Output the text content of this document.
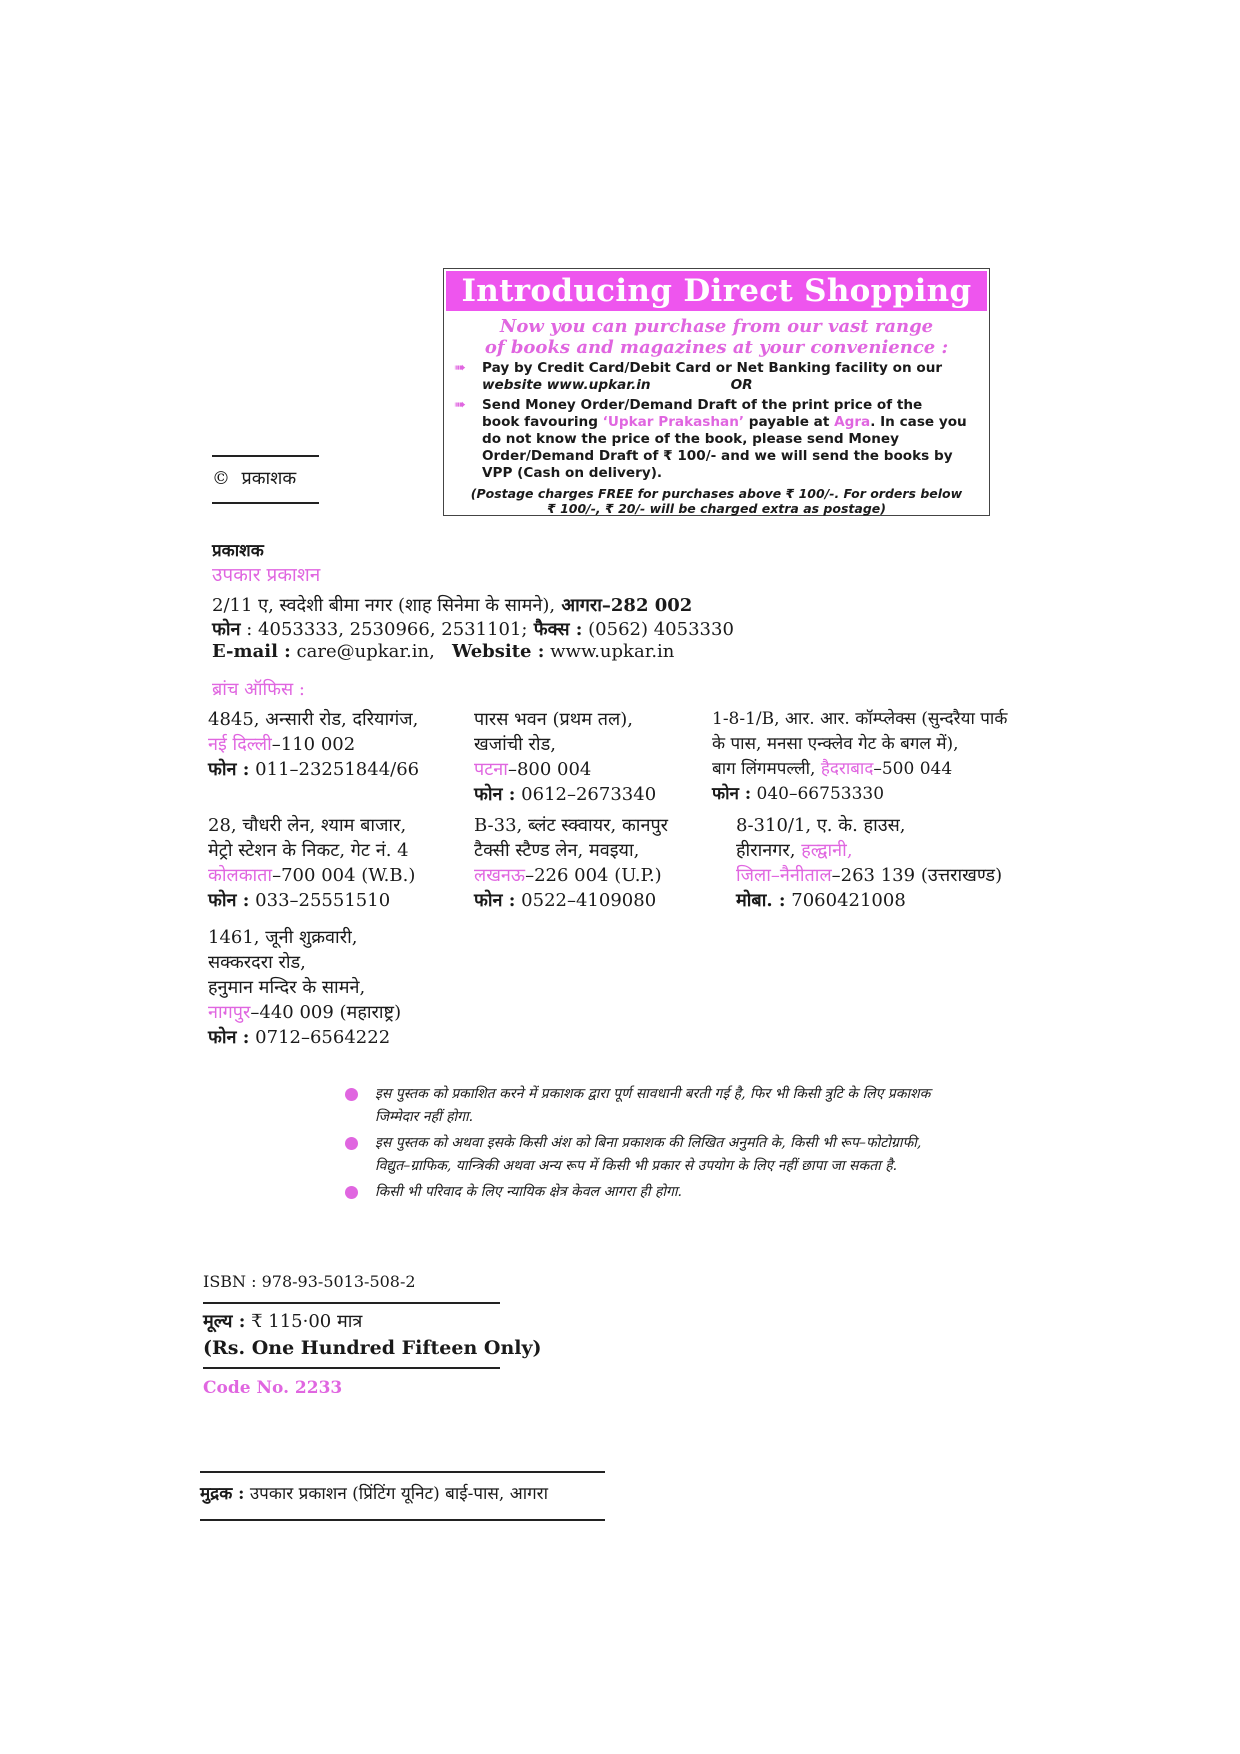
Introducing Direct Shopping
Now you can purchase from our vast range
of books and magazines at your convenience :
➠ Pay by Credit Card/Debit Card or Net Banking facility on our
website www.upkar.in	OR
➠ Send Money Order/Demand Draft of the print price of the
book favouring ‘Upkar Prakashan’ payable at Agra. In case you
do not know the price of the book, please send Money
Order/Demand Draft of ₹ 100/- and we will send the books by
VPP (Cash on delivery).
(Postage charges FREE for purchases above ₹ 100/-. For orders below
₹ 100/-, ₹ 20/- will be charged extra as postage)
© प्रकाशक
प्रकाशक
उपकार प्रकाशन
2/11 ए, स्वदेशी बीमा नगर (शाह सिनेमा के सामने), आगरा–282 002
फोन : 4053333, 2530966, 2531101; फैक्स : (0562) 4053330
E-mail : care@upkar.in, Website : www.upkar.in
ब्रांच ऑफिस :
4845, अन्सारी रोड, दरियागंज,
नई दिल्ली–110 002
फोन : 011–23251844/66
पारस भवन (प्रथम तल),
खजांची रोड,
पटना–800 004
फोन : 0612–2673340
1-8-1/B, आर. आर. कॉम्प्लेक्स (सुन्दरैया पार्क
के पास, मनसा एन्क्लेव गेट के बगल में),
बाग लिंगमपल्ली, हैदराबाद–500 044
फोन : 040–66753330
28, चौधरी लेन, श्याम बाजार,
मेट्रो स्टेशन के निकट, गेट नं. 4
कोलकाता–700 004 (W.B.)
फोन : 033–25551510
B-33, ब्लंट स्क्वायर, कानपुर
टैक्सी स्टैण्ड लेन, मवइया,
लखनऊ–226 004 (U.P.)
फोन : 0522–4109080
8-310/1, ए. के. हाउस,
हीरानगर, हल्द्वानी,
जिला–नैनीताल–263 139 (उत्तराखण्ड)
मोबा. : 7060421008
1461, जूनी शुक्रवारी,
सक्करदरा रोड,
हनुमान मन्दिर के सामने,
नागपुर–440 009 (महाराष्ट्र)
फोन : 0712–6564222
इस पुस्तक को प्रकाशित करने में प्रकाशक द्वारा पूर्ण सावधानी बरती गई है, फिर भी किसी त्रुटि के लिए प्रकाशक जिम्मेदार नहीं होगा.
इस पुस्तक को अथवा इसके किसी अंश को बिना प्रकाशक की लिखित अनुमति के, किसी भी रूप–फोटोग्राफी, विद्युत–ग्राफिक, यान्त्रिकी अथवा अन्य रूप में किसी भी प्रकार से उपयोग के लिए नहीं छापा जा सकता है.
किसी भी परिवाद के लिए न्यायिक क्षेत्र केवल आगरा ही होगा.
ISBN : 978-93-5013-508-2
मूल्य : ₹ 115·00 मात्र
(Rs. One Hundred Fifteen Only)
Code No. 2233
मुद्रक : उपकार प्रकाशन (प्रिंटिंग यूनिट) बाई-पास, आगरा
